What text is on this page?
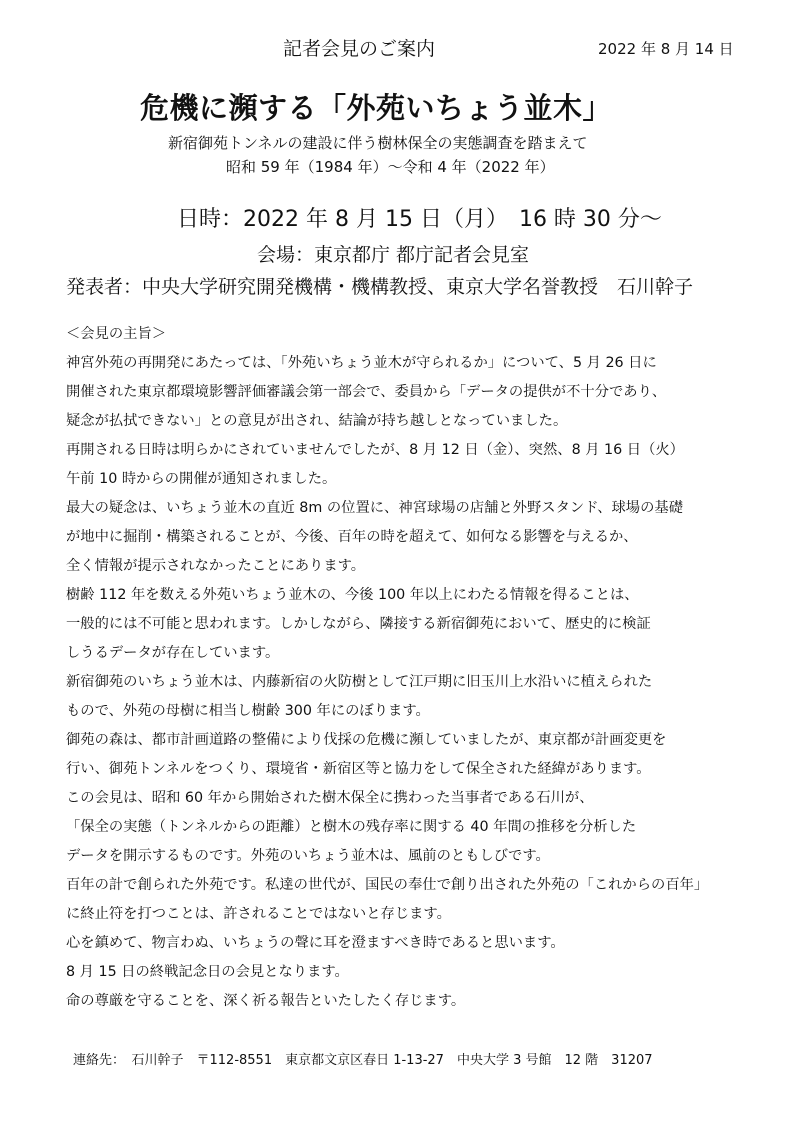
記者会見のご案内	2022 年 8 月 14 日
危機に瀕する「外苑いちょう並木」
新宿御苑トンネルの建設に伴う樹林保全の実態調査を踏まえて
昭和 59 年（1984 年）～令和 4 年（2022 年）
日時：2022 年 8 月 15 日（月）　16 時 30 分～
会場：東京都庁 都庁記者会見室
発表者：中央大学研究開発機構・機構教授、東京大学名誉教授　石川幹子
＜会見の主旨＞
神宮外苑の再開発にあたっては、「外苑いちょう並木が守られるか」について、5 月 26 日に
開催された東京都環境影響評価審議会第一部会で、委員から「データの提供が不十分であり、
疑念が払拭できない」との意見が出され、結論が持ち越しとなっていました。
再開される日時は明らかにされていませんでしたが、8 月 12 日（金）、突然、8 月 16 日（火）
午前 10 時からの開催が通知されました。
最大の疑念は、いちょう並木の直近 8m の位置に、神宮球場の店舗と外野スタンド、球場の基礎
が地中に掘削・構築されることが、今後、百年の時を超えて、如何なる影響を与えるか、
全く情報が提示されなかったことにあります。
樹齢 112 年を数える外苑いちょう並木の、今後 100 年以上にわたる情報を得ることは、
一般的には不可能と思われます。しかしながら、隣接する新宿御苑において、歴史的に検証
しうるデータが存在しています。
新宿御苑のいちょう並木は、内藤新宿の火防樹として江戸期に旧玉川上水沿いに植えられた
もので、外苑の母樹に相当し樹齢 300 年にのぼります。
御苑の森は、都市計画道路の整備により伐採の危機に瀕していましたが、東京都が計画変更を
行い、御苑トンネルをつくり、環境省・新宿区等と協力をして保全された経緯があります。
この会見は、昭和 60 年から開始された樹木保全に携わった当事者である石川が、
「保全の実態（トンネルからの距離）と樹木の残存率に関する 40 年間の推移を分析した
データを開示するものです。外苑のいちょう並木は、風前のともしびです。
百年の計で創られた外苑です。私達の世代が、国民の奉仕で創り出された外苑の「これからの百年」
に終止符を打つことは、許されることではないと存じます。
心を鎮めて、物言わぬ、いちょうの聲に耳を澄ますべき時であると思います。
8 月 15 日の終戦記念日の会見となります。
命の尊厳を守ることを、深く祈る報告といたしたく存じます。
連絡先：　石川幹子　〒112-8551　東京都文京区春日 1-13-27　中央大学 3 号館　12 階　31207
